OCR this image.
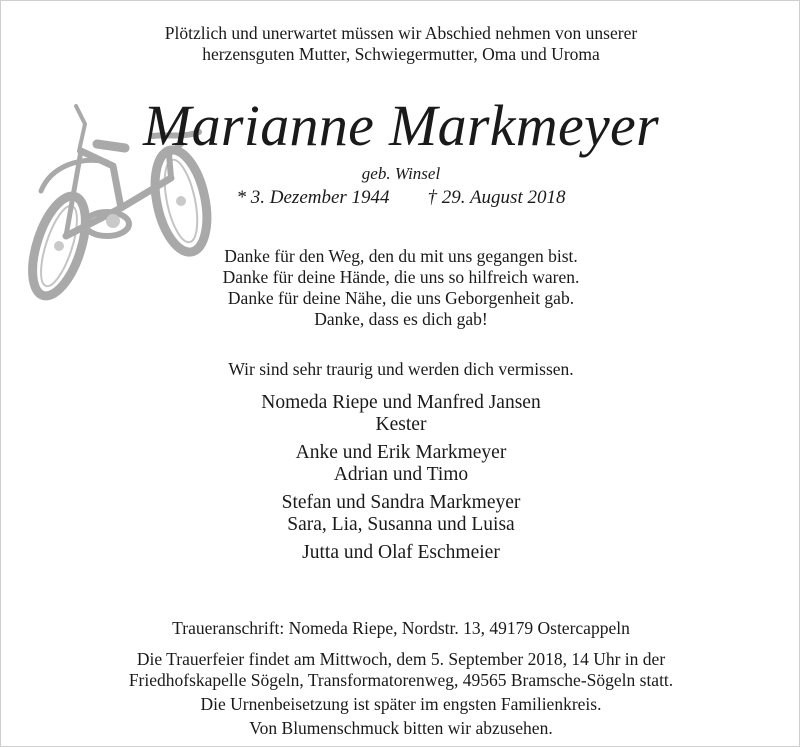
Plötzlich und unerwartet müssen wir Abschied nehmen von unserer
herzensguten Mutter, Schwiegermutter, Oma und Uroma
Marianne Markmeyer
geb. Winsel
* 3. Dezember 1944 † 29. August 2018
Danke für den Weg, den du mit uns gegangen bist.
Danke für deine Hände, die uns so hilfreich waren.
Danke für deine Nähe, die uns Geborgenheit gab.
Danke, dass es dich gab!
Wir sind sehr traurig und werden dich vermissen.
Nomeda Riepe und Manfred Jansen
Kester
Anke und Erik Markmeyer
Adrian und Timo
Stefan und Sandra Markmeyer
Sara, Lia, Susanna und Luisa
Jutta und Olaf Eschmeier
Traueranschrift: Nomeda Riepe, Nordstr. 13, 49179 Ostercappeln
Die Trauerfeier findet am Mittwoch, dem 5. September 2018, 14 Uhr in der
Friedhofskapelle Sögeln, Transformatorenweg, 49565 Bramsche-Sögeln statt.
Die Urnenbeisetzung ist später im engsten Familienkreis.
Von Blumenschmuck bitten wir abzusehen.
